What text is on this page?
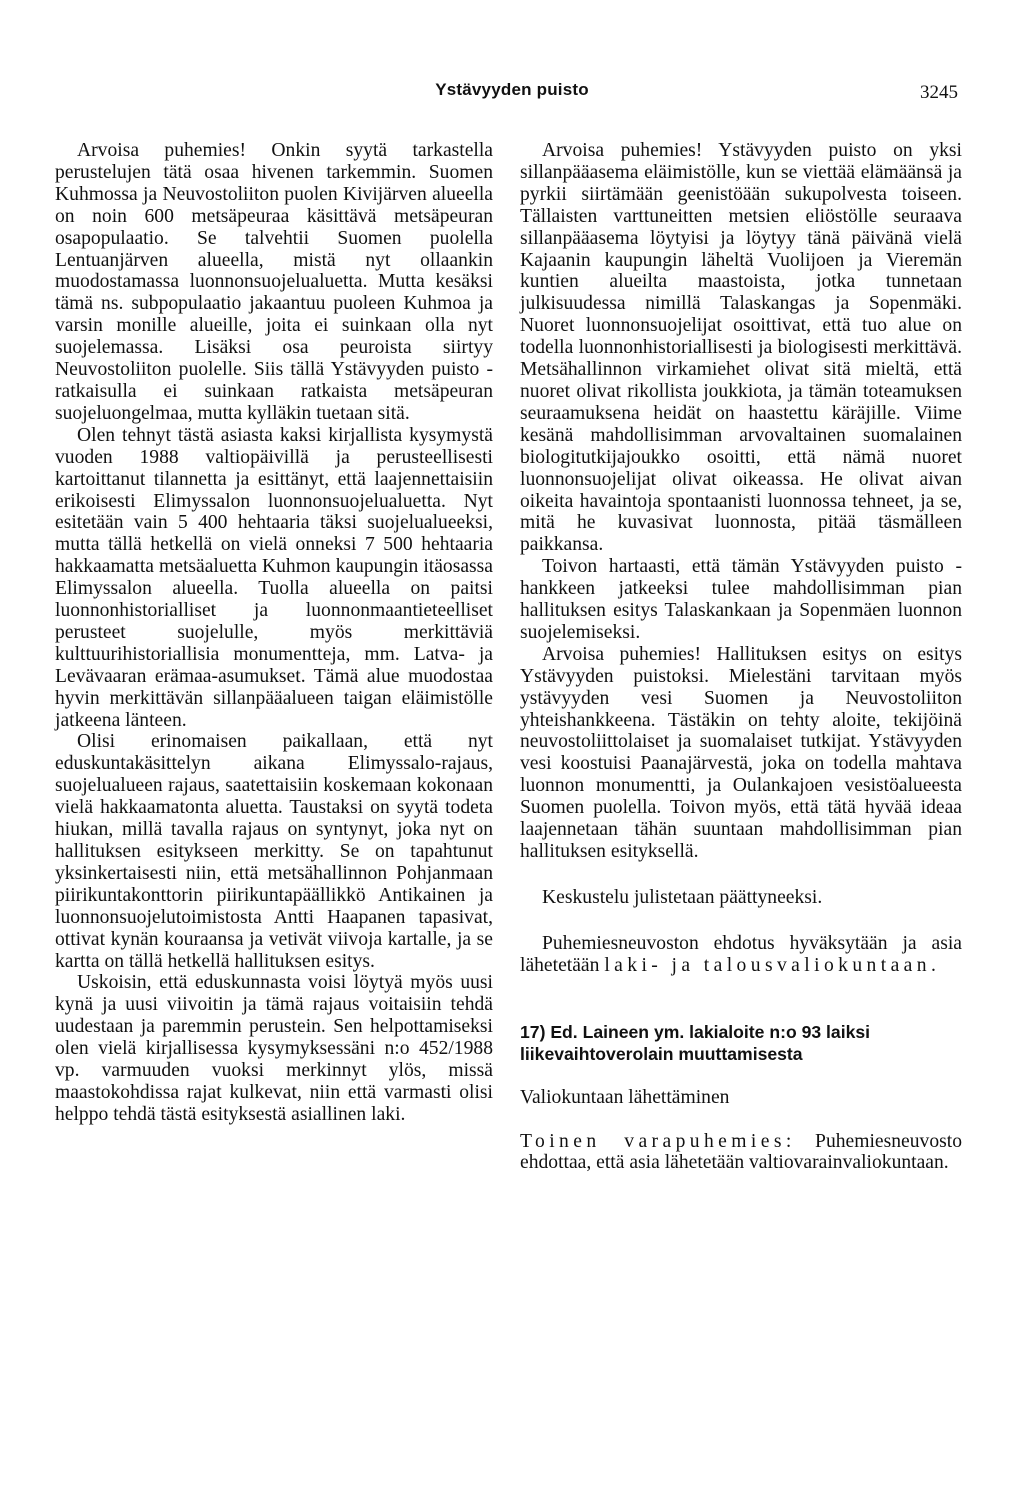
Ystävyyden puisto	3245

Arvoisa puhemies! Onkin syytä tarkastella perustelujen tätä osaa hivenen tarkemmin. Suomen Kuhmossa ja Neuvostoliiton puolen Kivijärven alueella on noin 600 metsäpeuraa käsittävä metsäpeuran osapopulaatio. Se talvehtii Suomen puolella Lentuanjärven alueella, mistä nyt ollaankin muodostamassa luonnonsuojelualuetta. Mutta kesäksi tämä ns. subpopulaatio jakaantuu puoleen Kuhmoa ja varsin monille alueille, joita ei suinkaan olla nyt suojelemassa. Lisäksi osa peuroista siirtyy Neuvostoliiton puolelle. Siis tällä Ystävyyden puisto -ratkaisulla ei suinkaan ratkaista metsäpeuran suojeluongelmaa, mutta kylläkin tuetaan sitä.

Olen tehnyt tästä asiasta kaksi kirjallista kysymystä vuoden 1988 valtiopäivillä ja perusteellisesti kartoittanut tilannetta ja esittänyt, että laajennettaisiin erikoisesti Elimyssalon luonnonsuojelualuetta. Nyt esitetään vain 5 400 hehtaaria täksi suojelualueeksi, mutta tällä hetkellä on vielä onneksi 7 500 hehtaaria hakkaamatta metsäaluetta Kuhmon kaupungin itäosassa Elimyssalon alueella. Tuolla alueella on paitsi luonnonhistorialliset ja luonnonmaantieteelliset perusteet suojelulle, myös merkittäviä kulttuurihistoriallisia monumentteja, mm. Latva- ja Levävaaran erämaa-asumukset. Tämä alue muodostaa hyvin merkittävän sillanpääalueen taigan eläimistölle jatkeena länteen.

Olisi erinomaisen paikallaan, että nyt eduskuntakäsittelyn aikana Elimyssalo-rajaus, suojelualueen rajaus, saatettaisiin koskemaan kokonaan vielä hakkaamatonta aluetta. Taustaksi on syytä todeta hiukan, millä tavalla rajaus on syntynyt, joka nyt on hallituksen esitykseen merkitty. Se on tapahtunut yksinkertaisesti niin, että metsähallinnon Pohjanmaan piirikuntakonttorin piirikuntapäällikkö Antikainen ja luonnonsuojelutoimistosta Antti Haapanen tapasivat, ottivat kynän kouraansa ja vetivät viivoja kartalle, ja se kartta on tällä hetkellä hallituksen esitys.

Uskoisin, että eduskunnasta voisi löytyä myös uusi kynä ja uusi viivoitin ja tämä rajaus voitaisiin tehdä uudestaan ja paremmin perustein. Sen helpottamiseksi olen vielä kirjallisessa kysymyksessäni n:o 452/1988 vp. varmuuden vuoksi merkinnyt ylös, missä maastokohdissa rajat kulkevat, niin että varmasti olisi helppo tehdä tästä esityksestä asiallinen laki.

Arvoisa puhemies! Ystävyyden puisto on yksi sillanpääasema eläimistölle, kun se viettää elämäänsä ja pyrkii siirtämään geenistöään sukupolvesta toiseen. Tällaisten varttuneitten metsien eliöstölle seuraava sillanpääasema löytyisi ja löytyy tänä päivänä vielä Kajaanin kaupungin läheltä Vuolijoen ja Vieremän kuntien alueilta maastoista, jotka tunnetaan julkisuudessa nimillä Talaskangas ja Sopenmäki. Nuoret luonnonsuojelijat osoittivat, että tuo alue on todella luonnonhistoriallisesti ja biologisesti merkittävä. Metsähallinnon virkamiehet olivat sitä mieltä, että nuoret olivat rikollista joukkiota, ja tämän toteamuksen seuraamuksena heidät on haastettu käräjille. Viime kesänä mahdollisimman arvovaltainen suomalainen biologitutkijajoukko osoitti, että nämä nuoret luonnonsuojelijat olivat oikeassa. He olivat aivan oikeita havaintoja spontaanisti luonnossa tehneet, ja se, mitä he kuvasivat luonnosta, pitää täsmälleen paikkansa.

Toivon hartaasti, että tämän Ystävyyden puisto -hankkeen jatkeeksi tulee mahdollisimman pian hallituksen esitys Talaskankaan ja Sopenmäen luonnon suojelemiseksi.

Arvoisa puhemies! Hallituksen esitys on esitys Ystävyyden puistoksi. Mielestäni tarvitaan myös ystävyyden vesi Suomen ja Neuvostoliiton yhteishankkeena. Tästäkin on tehty aloite, tekijöinä neuvostoliittolaiset ja suomalaiset tutkijat. Ystävyyden vesi koostuisi Paanajärvestä, joka on todella mahtava luonnon monumentti, ja Oulankajoen vesistöalueesta Suomen puolella. Toivon myös, että tätä hyvää ideaa laajennetaan tähän suuntaan mahdollisimman pian hallituksen esityksellä.

Keskustelu julistetaan päättyneeksi.

Puhemiesneuvoston ehdotus hyväksytään ja asia lähetetään laki- ja talousvaliokuntaan.

17) Ed. Laineen ym. lakialoite n:o 93 laiksi liikevaihtoverolain muuttamisesta

Valiokuntaan lähettäminen

Toinen varapuhemies: Puhemiesneuvosto ehdottaa, että asia lähetetään valtiovarainvaliokuntaan.
